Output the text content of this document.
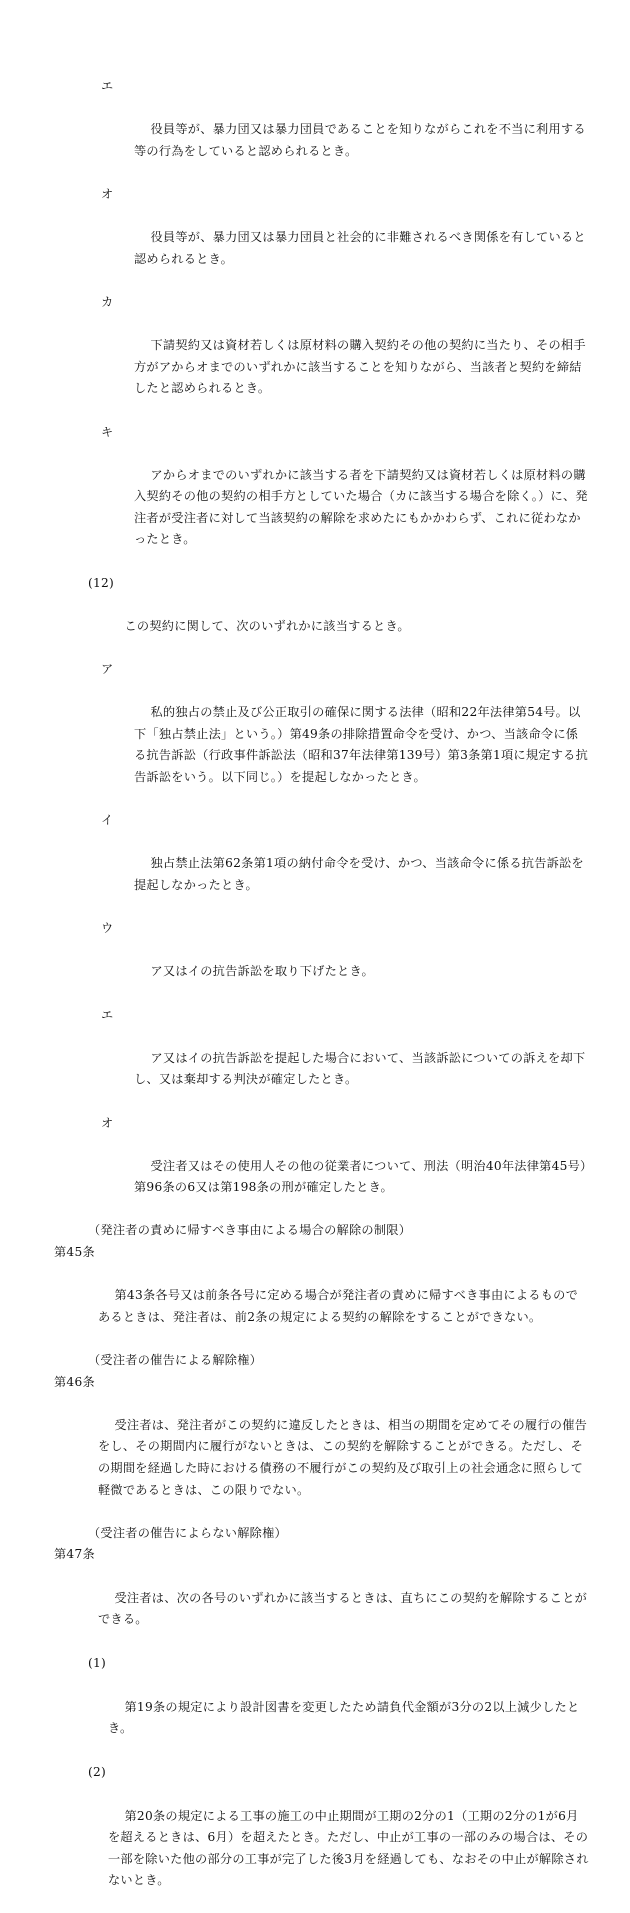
エ

役員等が、暴力団又は暴力団員であることを知りながらこれを不当に利用する等の行為をしていると認められるとき。

オ

役員等が、暴力団又は暴力団員と社会的に非難されるべき関係を有していると認められるとき。

カ

下請契約又は資材若しくは原材料の購入契約その他の契約に当たり、その相手方がアからオまでのいずれかに該当することを知りながら、当該者と契約を締結したと認められるとき。

キ

アからオまでのいずれかに該当する者を下請契約又は資材若しくは原材料の購入契約その他の契約の相手方としていた場合（カに該当する場合を除く。）に、発注者が受注者に対して当該契約の解除を求めたにもかかわらず、これに従わなかったとき。

(12)

この契約に関して、次のいずれかに該当するとき。

ア

私的独占の禁止及び公正取引の確保に関する法律（昭和22年法律第54号。以下「独占禁止法」という。）第49条の排除措置命令を受け、かつ、当該命令に係る抗告訴訟（行政事件訴訟法（昭和37年法律第139号）第3条第1項に規定する抗告訴訟をいう。以下同じ。）を提起しなかったとき。

イ

独占禁止法第62条第1項の納付命令を受け、かつ、当該命令に係る抗告訴訟を提起しなかったとき。

ウ

ア又はイの抗告訴訟を取り下げたとき。

エ

ア又はイの抗告訴訟を提起した場合において、当該訴訟についての訴えを却下し、又は棄却する判決が確定したとき。

オ

受注者又はその使用人その他の従業者について、刑法（明治40年法律第45号）第96条の6又は第198条の刑が確定したとき。

（発注者の責めに帰すべき事由による場合の解除の制限）

第45条

第43条各号又は前条各号に定める場合が発注者の責めに帰すべき事由によるものであるときは、発注者は、前2条の規定による契約の解除をすることができない。

（受注者の催告による解除権）

第46条

受注者は、発注者がこの契約に違反したときは、相当の期間を定めてその履行の催告をし、その期間内に履行がないときは、この契約を解除することができる。ただし、その期間を経過した時における債務の不履行がこの契約及び取引上の社会通念に照らして軽微であるときは、この限りでない。

（受注者の催告によらない解除権）

第47条

受注者は、次の各号のいずれかに該当するときは、直ちにこの契約を解除することができる。

(1)

第19条の規定により設計図書を変更したため請負代金額が3分の2以上減少したとき。

(2)

第20条の規定による工事の施工の中止期間が工期の2分の1（工期の2分の1が6月を超えるときは、6月）を超えたとき。ただし、中止が工事の一部のみの場合は、その一部を除いた他の部分の工事が完了した後3月を経過しても、なおその中止が解除されないとき。
